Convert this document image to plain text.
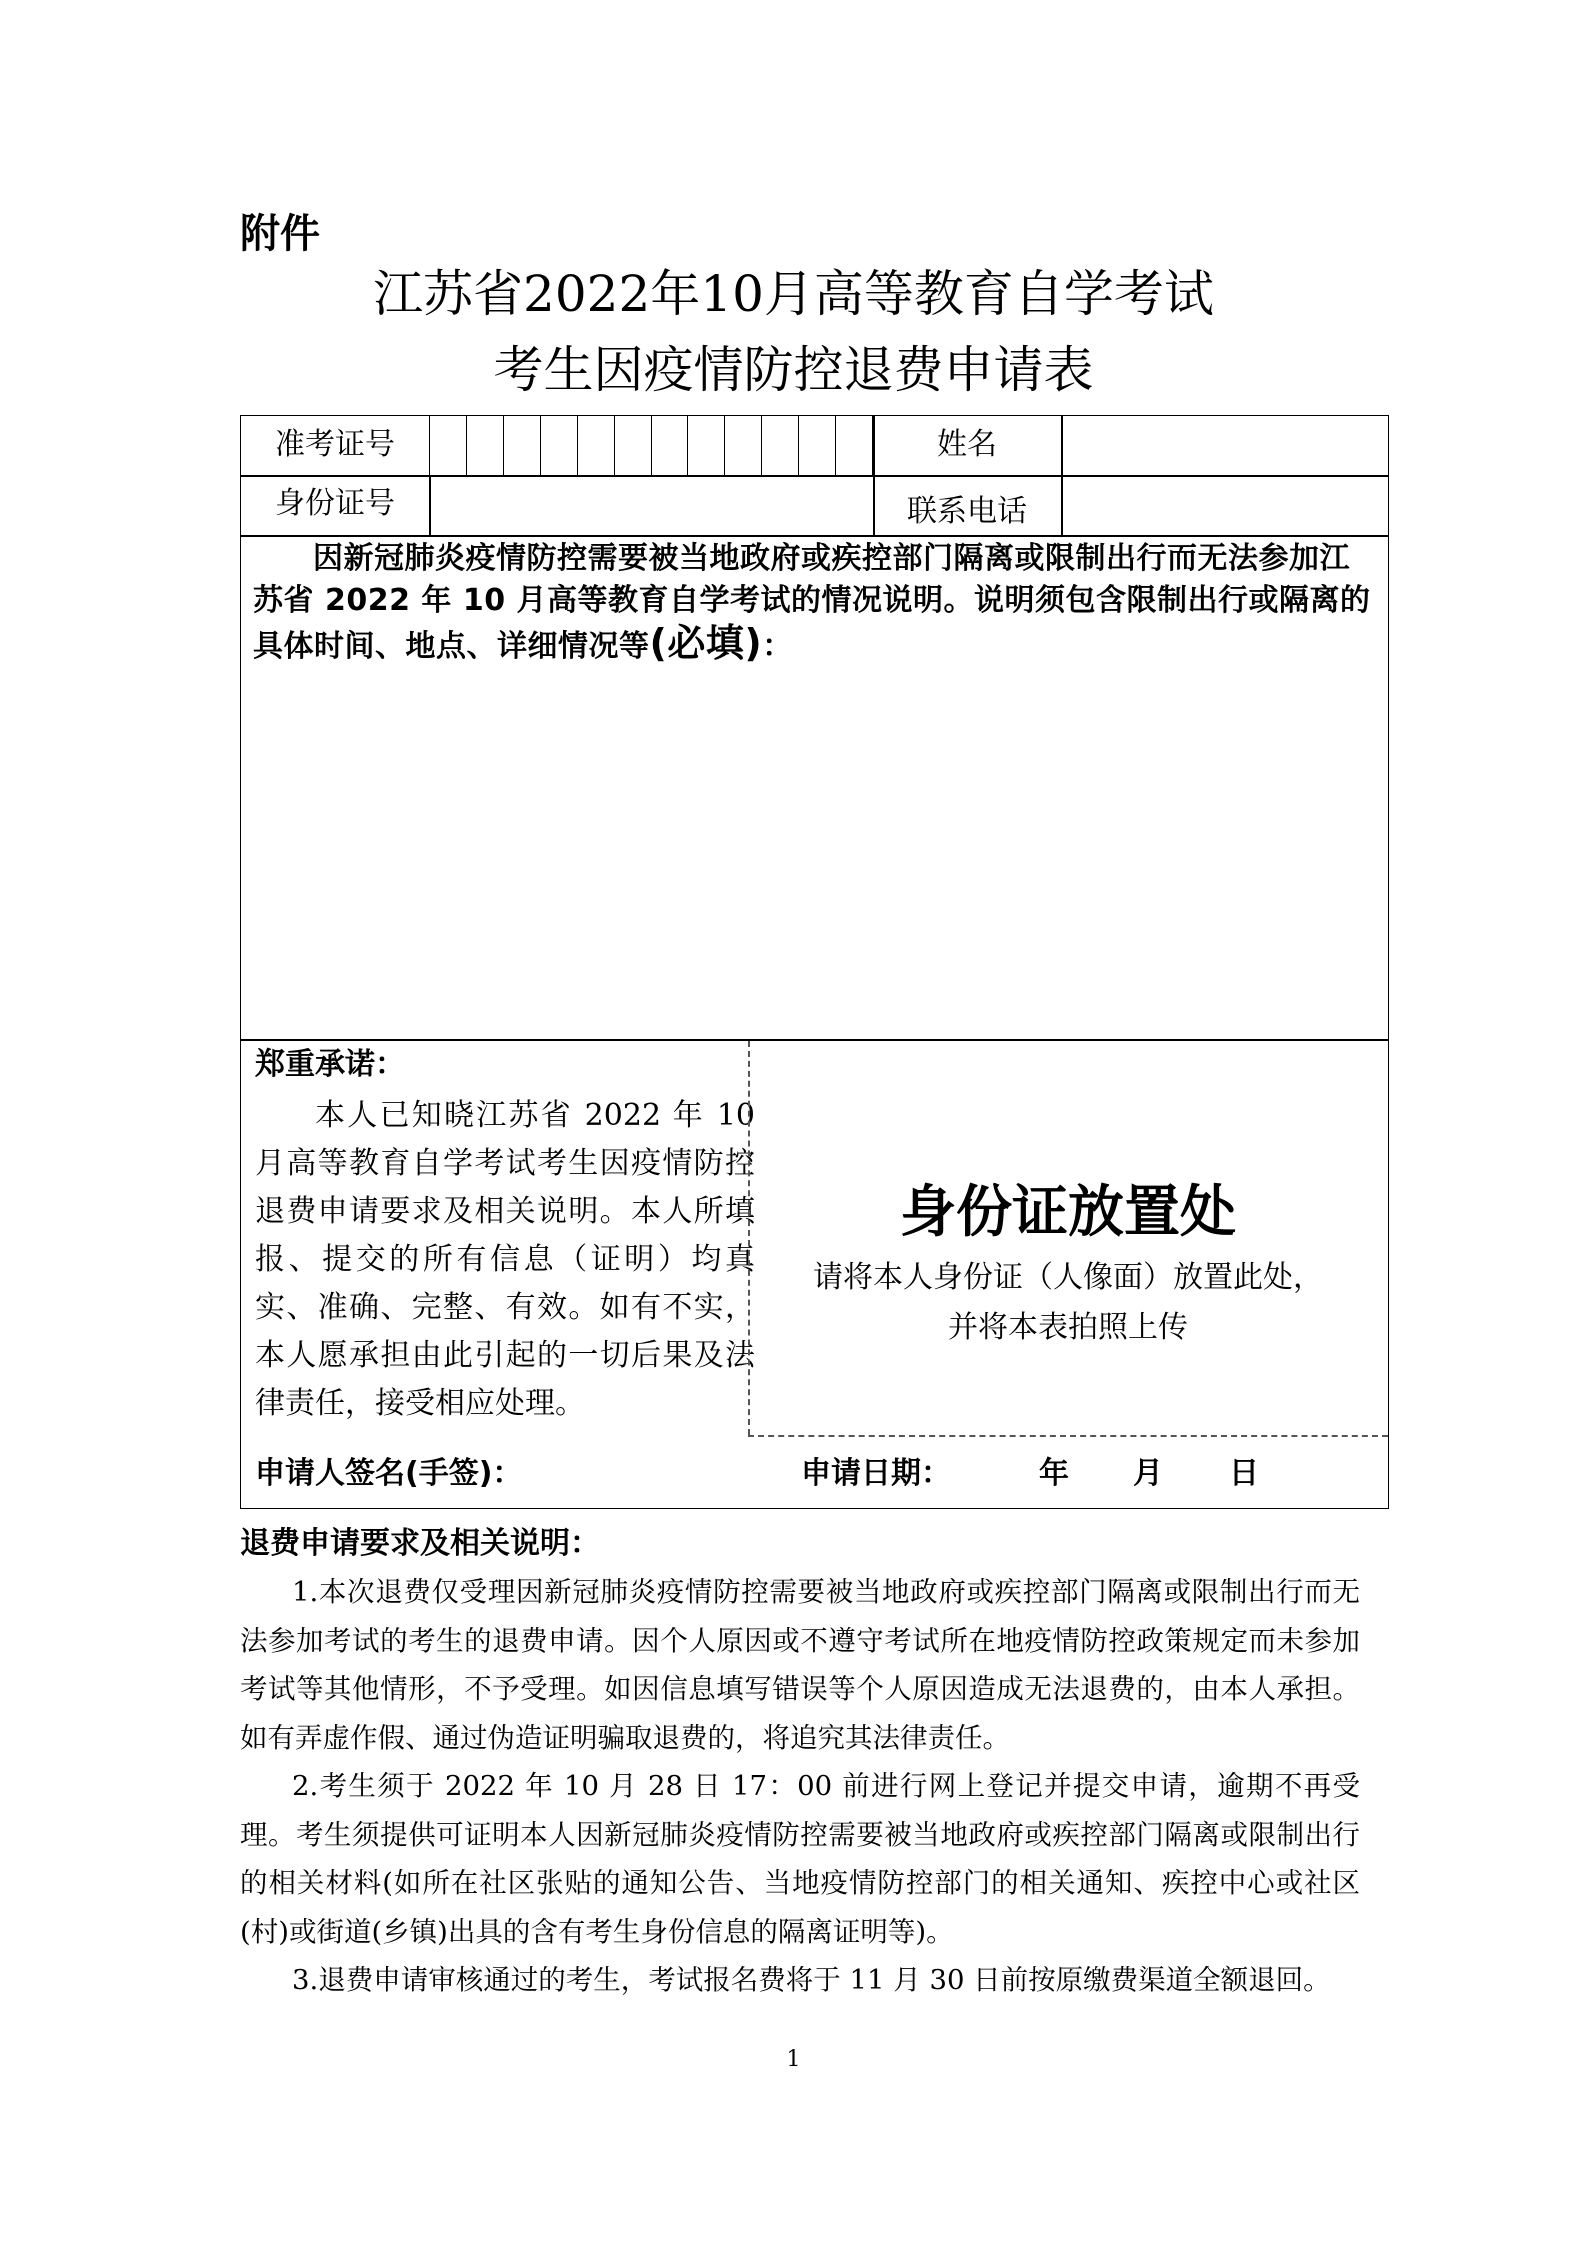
附件
江苏省2022年10月高等教育自学考试
考生因疫情防控退费申请表
准考证号	姓名
身份证号	联系电话
因新冠肺炎疫情防控需要被当地政府或疾控部门隔离或限制出行而无法参加江苏省 2022 年 10 月高等教育自学考试的情况说明。说明须包含限制出行或隔离的具体时间、地点、详细情况等(必填)：
郑重承诺：
本人已知晓江苏省 2022 年 10 月高等教育自学考试考生因疫情防控退费申请要求及相关说明。本人所填报、提交的所有信息（证明）均真实、准确、完整、有效。如有不实，本人愿承担由此引起的一切后果及法律责任，接受相应处理。
身份证放置处
请将本人身份证（人像面）放置此处，
并将本表拍照上传
申请人签名(手签)：	申请日期：	年 月 日
退费申请要求及相关说明：

1.本次退费仅受理因新冠肺炎疫情防控需要被当地政府或疾控部门隔离或限制出行而无法参加考试的考生的退费申请。因个人原因或不遵守考试所在地疫情防控政策规定而未参加考试等其他情形，不予受理。如因信息填写错误等个人原因造成无法退费的，由本人承担。如有弄虚作假、通过伪造证明骗取退费的，将追究其法律责任。

2.考生须于 2022 年 10 月 28 日 17：00 前进行网上登记并提交申请，逾期不再受理。考生须提供可证明本人因新冠肺炎疫情防控需要被当地政府或疾控部门隔离或限制出行的相关材料(如所在社区张贴的通知公告、当地疫情防控部门的相关通知、疾控中心或社区(村)或街道(乡镇)出具的含有考生身份信息的隔离证明等)。

3.退费申请审核通过的考生，考试报名费将于 11 月 30 日前按原缴费渠道全额退回。

1
